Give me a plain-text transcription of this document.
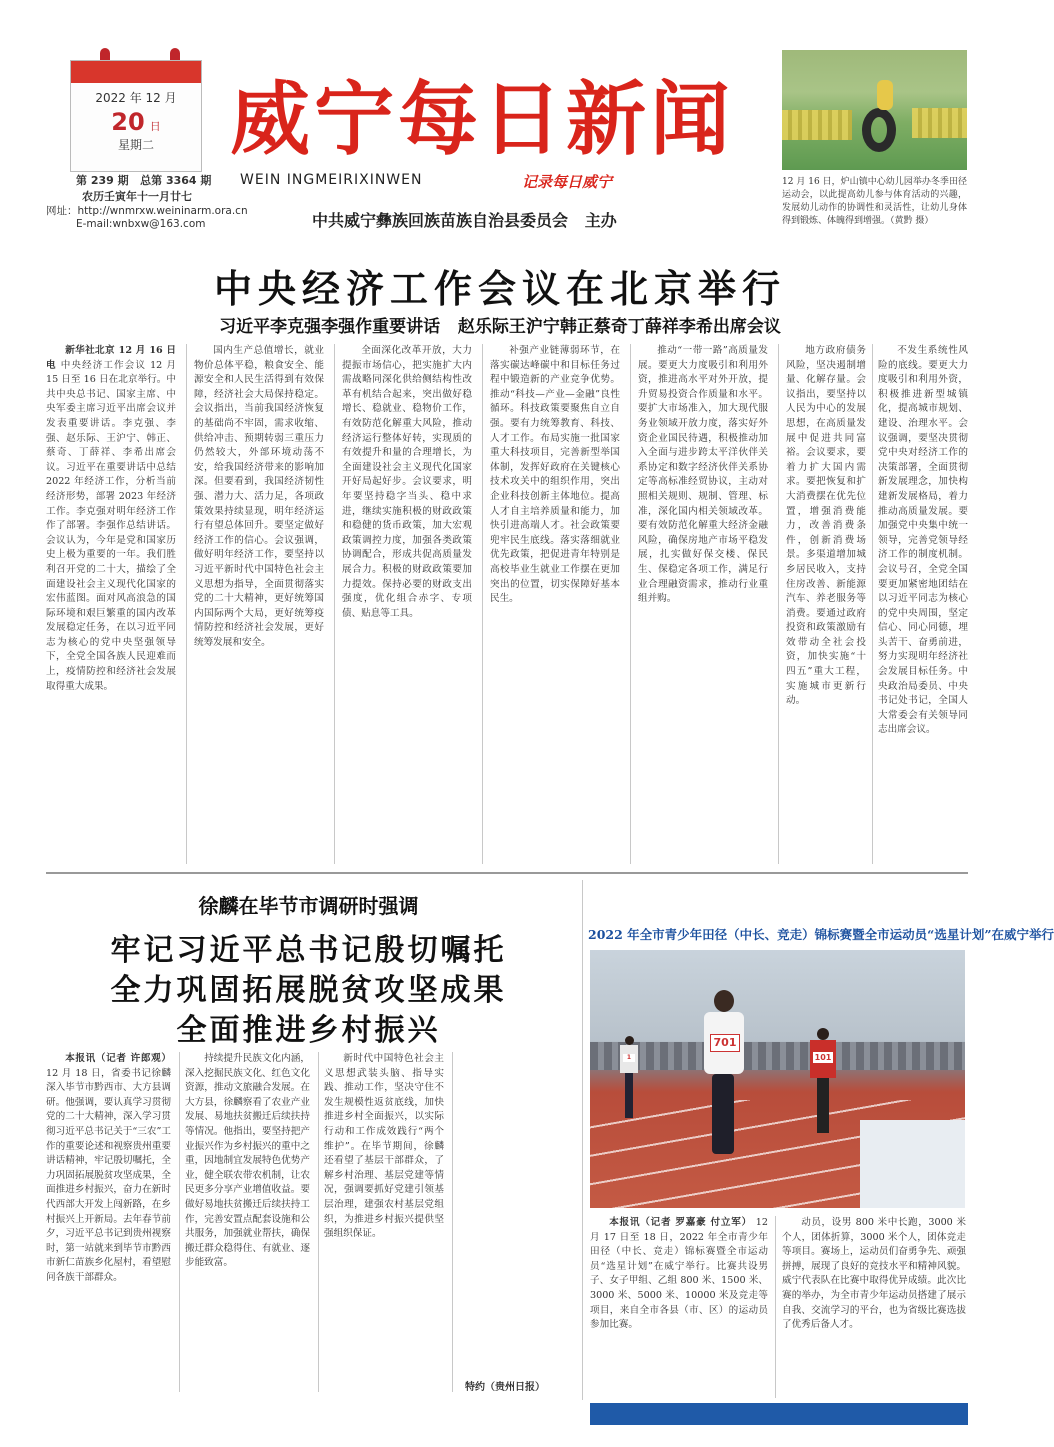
2022 年 12 月
20 日
星期二
第 239 期   总第 3364 期
农历壬寅年十一月廿七
网址：http://wnmrxw.weininarm.ora.cn
E-mail:wnbxw@163.com
威宁每日新闻
WEIN INGMEIRIXINWEN	记录每日威宁
中共威宁彝族回族苗族自治县委员会   主办
12 月 16 日，炉山镇中心幼儿园举办冬季田径运动会，以此提高幼儿参与体育活动的兴趣，发展幼儿动作的协调性和灵活性，让幼儿身体得到锻炼、体魄得到增强。（黄黔 摄）
中央经济工作会议在北京举行
习近平李克强李强作重要讲话   赵乐际王沪宁韩正蔡奇丁薛祥李希出席会议

新华社北京 12 月 16 日电 中央经济工作会议 12 月 15 日至 16 日在北京举行。中共中央总书记、国家主席、中央军委主席习近平出席会议并发表重要讲话。李克强、李强、赵乐际、王沪宁、韩正、蔡奇、丁薛祥、李希出席会议。习近平在重要讲话中总结 2022 年经济工作，分析当前经济形势，部署 2023 年经济工作。李克强对明年经济工作作了部署。李强作总结讲话。会议认为，今年是党和国家历史上极为重要的一年。我们胜利召开党的二十大，描绘了全面建设社会主义现代化国家的宏伟蓝图。面对风高浪急的国际环境和艰巨繁重的国内改革发展稳定任务，在以习近平同志为核心的党中央坚强领导下，全党全国各族人民迎难而上，疫情防控和经济社会发展取得重大成果。

国内生产总值增长，就业物价总体平稳，粮食安全、能源安全和人民生活得到有效保障，经济社会大局保持稳定。会议指出，当前我国经济恢复的基础尚不牢固，需求收缩、供给冲击、预期转弱三重压力仍然较大，外部环境动荡不安，给我国经济带来的影响加深。但要看到，我国经济韧性强、潜力大、活力足，各项政策效果持续显现，明年经济运行有望总体回升。要坚定做好经济工作的信心。会议强调，做好明年经济工作，要坚持以习近平新时代中国特色社会主义思想为指导，全面贯彻落实党的二十大精神，更好统筹国内国际两个大局，更好统筹疫情防控和经济社会发展，更好统筹发展和安全。

全面深化改革开放，大力提振市场信心，把实施扩大内需战略同深化供给侧结构性改革有机结合起来，突出做好稳增长、稳就业、稳物价工作，有效防范化解重大风险，推动经济运行整体好转，实现质的有效提升和量的合理增长，为全面建设社会主义现代化国家开好局起好步。会议要求，明年要坚持稳字当头、稳中求进，继续实施积极的财政政策和稳健的货币政策，加大宏观政策调控力度，加强各类政策协调配合，形成共促高质量发展合力。积极的财政政策要加力提效。保持必要的财政支出强度，优化组合赤字、专项债、贴息等工具。

补强产业链薄弱环节，在落实碳达峰碳中和目标任务过程中锻造新的产业竞争优势。推动“科技—产业—金融”良性循环。科技政策要聚焦自立自强。要有力统筹教育、科技、人才工作。布局实施一批国家重大科技项目，完善新型举国体制，发挥好政府在关键核心技术攻关中的组织作用，突出企业科技创新主体地位。提高人才自主培养质量和能力，加快引进高端人才。社会政策要兜牢民生底线。落实落细就业优先政策，把促进青年特别是高校毕业生就业工作摆在更加突出的位置，切实保障好基本民生。

推动“一带一路”高质量发展。要更大力度吸引和利用外资，推进高水平对外开放，提升贸易投资合作质量和水平。要扩大市场准入，加大现代服务业领域开放力度，落实好外资企业国民待遇，积极推动加入全面与进步跨太平洋伙伴关系协定和数字经济伙伴关系协定等高标准经贸协议，主动对照相关规则、规制、管理、标准，深化国内相关领域改革。要有效防范化解重大经济金融风险，确保房地产市场平稳发展，扎实做好保交楼、保民生、保稳定各项工作，满足行业合理融资需求，推动行业重组并购。

地方政府债务风险，坚决遏制增量、化解存量。会议指出，要坚持以人民为中心的发展思想，在高质量发展中促进共同富裕。会议要求，要着力扩大国内需求。要把恢复和扩大消费摆在优先位置，增强消费能力，改善消费条件，创新消费场景。多渠道增加城乡居民收入，支持住房改善、新能源汽车、养老服务等消费。要通过政府投资和政策激励有效带动全社会投资，加快实施“十四五”重大工程，实施城市更新行动。

不发生系统性风险的底线。要更大力度吸引和利用外资，积极推进新型城镇化，提高城市规划、建设、治理水平。会议强调，要坚决贯彻党中央对经济工作的决策部署，全面贯彻新发展理念，加快构建新发展格局，着力推动高质量发展。要加强党中央集中统一领导，完善党领导经济工作的制度机制。会议号召，全党全国要更加紧密地团结在以习近平同志为核心的党中央周围，坚定信心、同心同德，埋头苦干、奋勇前进，努力实现明年经济社会发展目标任务。中央政治局委员、中央书记处书记，全国人大常委会有关领导同志出席会议。

徐麟在毕节市调研时强调
牢记习近平总书记殷切嘱托
全力巩固拓展脱贫攻坚成果
全面推进乡村振兴

本报讯（记者 许郎观） 12 月 18 日，省委书记徐麟深入毕节市黔西市、大方县调研。他强调，要认真学习贯彻党的二十大精神，深入学习贯彻习近平总书记关于“三农”工作的重要论述和视察贵州重要讲话精神，牢记殷切嘱托，全力巩固拓展脱贫攻坚成果，全面推进乡村振兴，奋力在新时代西部大开发上闯新路，在乡村振兴上开新局。去年春节前夕，习近平总书记到贵州视察时，第一站就来到毕节市黔西市新仁苗族乡化屋村，看望慰问各族干部群众。

持续提升民族文化内涵，深入挖掘民族文化、红色文化资源，推动文旅融合发展。在大方县，徐麟察看了农业产业发展、易地扶贫搬迁后续扶持等情况。他指出，要坚持把产业振兴作为乡村振兴的重中之重，因地制宜发展特色优势产业，健全联农带农机制，让农民更多分享产业增值收益。要做好易地扶贫搬迁后续扶持工作，完善安置点配套设施和公共服务，加强就业帮扶，确保搬迁群众稳得住、有就业、逐步能致富。

新时代中国特色社会主义思想武装头脑、指导实践、推动工作，坚决守住不发生规模性返贫底线，加快推进乡村全面振兴，以实际行动和工作成效践行“两个维护”。在毕节期间，徐麟还看望了基层干部群众，了解乡村治理、基层党建等情况，强调要抓好党建引领基层治理，建强农村基层党组织，为推进乡村振兴提供坚强组织保证。

特约（贵州日报）
2022 年全市青少年田径（中长、竞走）锦标赛暨全市运动员“选星计划”在威宁举行
701
101
1

本报讯（记者 罗嘉豪 付立军） 12 月 17 日至 18 日，2022 年全市青少年田径（中长、竞走）锦标赛暨全市运动员“选星计划”在威宁举行。比赛共设男子、女子甲组、乙组 800 米、1500 米、3000 米、5000 米、10000 米及竞走等项目，来自全市各县（市、区）的运动员参加比赛。

动员，设男 800 米中长跑，3000 米个人，团体折算，3000 米个人，团体竞走等项目。赛场上，运动员们奋勇争先、顽强拼搏，展现了良好的竞技水平和精神风貌。威宁代表队在比赛中取得优异成绩。此次比赛的举办，为全市青少年运动员搭建了展示自我、交流学习的平台，也为省级比赛选拔了优秀后备人才。

总编辑：叶启伟   值班主任：何 欢   责任编辑：李玉荣
